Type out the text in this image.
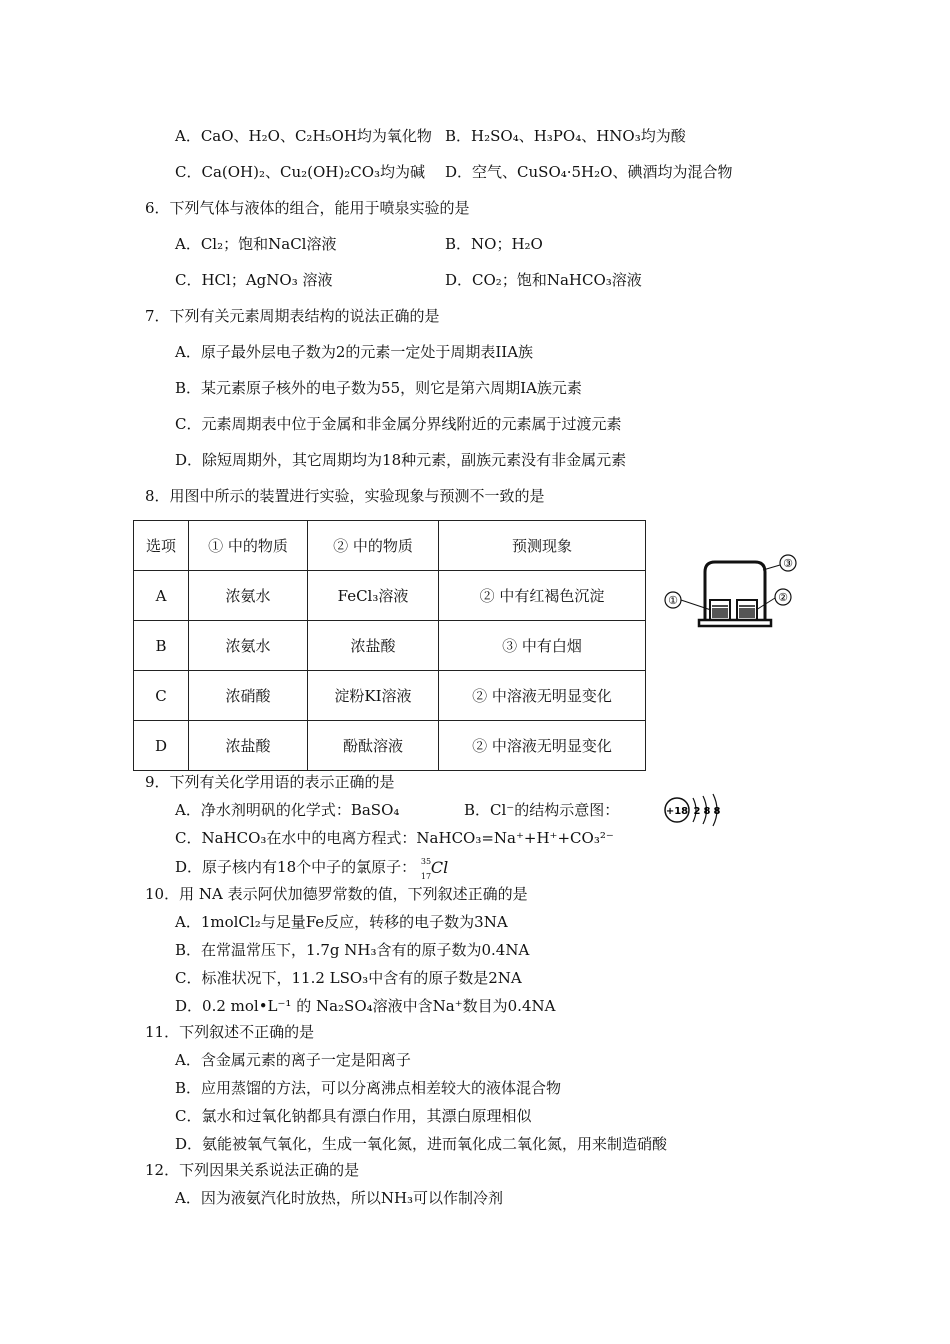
A．CaO、H₂O、C₂H₅OH均为氧化物 B．H₂SO₄、H₃PO₄、HNO₃均为酸
C．Ca(OH)₂、Cu₂(OH)₂CO₃均为碱 D．空气、CuSO₄·5H₂O、碘酒均为混合物
6．下列气体与液体的组合，能用于喷泉实验的是
A．Cl₂；饱和NaCl溶液	B．NO；H₂O
C．HCl；AgNO₃ 溶液	D．CO₂；饱和NaHCO₃溶液
7．下列有关元素周期表结构的说法正确的是
A．原子最外层电子数为2的元素一定处于周期表IIA族
B．某元素原子核外的电子数为55，则它是第六周期IA族元素
C．元素周期表中位于金属和非金属分界线附近的元素属于过渡元素
D．除短周期外，其它周期均为18种元素，副族元素没有非金属元素
8．用图中所示的装置进行实验，实验现象与预测不一致的是
选项	① 中的物质	② 中的物质	预测现象
A	浓氨水	FeCl₃溶液	② 中有红褐色沉淀
B	浓氨水	浓盐酸	③ 中有白烟
C	浓硝酸	淀粉KI溶液	② 中溶液无明显变化
D	浓盐酸	酚酞溶液	② 中溶液无明显变化
①	②
③
9．下列有关化学用语的表示正确的是
A．净水剂明矾的化学式：BaSO₄	B．Cl⁻的结构示意图：	+18 2 8 8
C．NaHCO₃在水中的电离方程式：NaHCO₃=Na⁺+H⁺+CO₃²⁻
D．原子核内有18个中子的氯原子： 35
17 Cl
10．用 NA 表示阿伏加德罗常数的值，下列叙述正确的是
A．1molCl₂与足量Fe反应，转移的电子数为3NA
B．在常温常压下，1.7g NH₃含有的原子数为0.4NA
C．标准状况下，11.2 LSO₃中含有的原子数是2NA
D．0.2 mol•L⁻¹ 的 Na₂SO₄溶液中含Na⁺数目为0.4NA
11．下列叙述不正确的是
A．含金属元素的离子一定是阳离子
B．应用蒸馏的方法，可以分离沸点相差较大的液体混合物
C．氯水和过氧化钠都具有漂白作用，其漂白原理相似
D．氨能被氧气氧化，生成一氧化氮，进而氧化成二氧化氮，用来制造硝酸
12．下列因果关系说法正确的是
A．因为液氨汽化时放热，所以NH₃可以作制冷剂
